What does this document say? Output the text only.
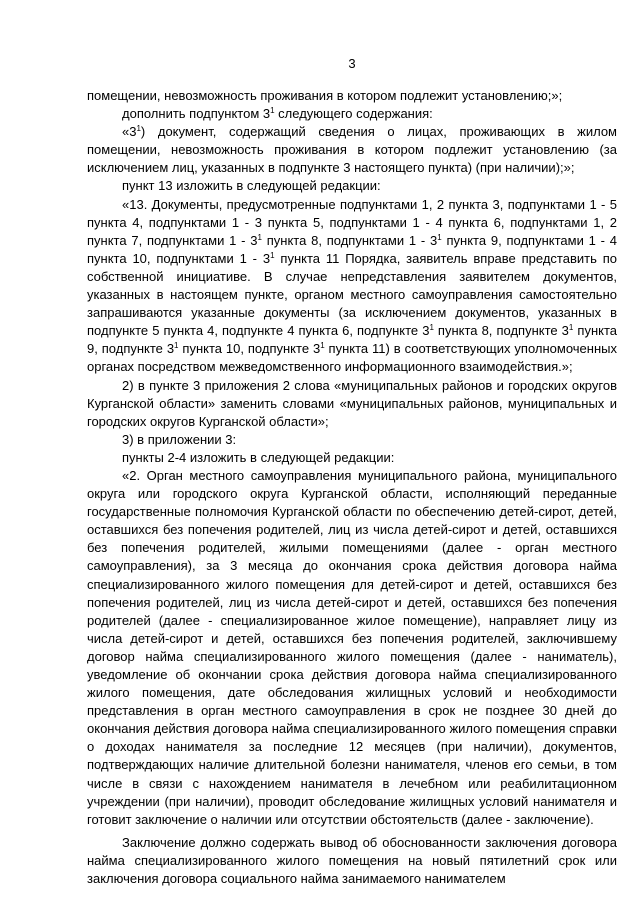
3

помещении, невозможность проживания в котором подлежит установлению;»;

дополнить подпунктом $3^1$ следующего содержания:

«$3^1$) документ, содержащий сведения о лицах, проживающих в жилом помещении, невозможность проживания в котором подлежит установлению (за исключением лиц, указанных в подпункте 3 настоящего пункта) (при наличии);»;

пункт 13 изложить в следующей редакции:

«13. Документы, предусмотренные подпунктами 1, 2 пункта 3, подпунктами 1 - 5 пункта 4, подпунктами 1 - 3 пункта 5, подпунктами 1 - 4 пункта 6, подпунктами 1, 2 пункта 7, подпунктами $1 - 3^1$ пункта 8, подпунктами $1 - 3^1$ пункта 9, подпунктами 1 - 4 пункта 10, подпунктами $1 - 3^1$ пункта 11 Порядка, заявитель вправе представить по собственной инициативе. В случае непредставления заявителем документов, указанных в настоящем пункте, органом местного самоуправления самостоятельно запрашиваются указанные документы (за исключением документов, указанных в подпункте 5 пункта 4, подпункте 4 пункта 6, подпункте $3^1$ пункта 8, подпункте $3^1$ пункта 9, подпункте $3^1$ пункта 10, подпункте $3^1$ пункта 11) в соответствующих уполномоченных органах посредством межведомственного информационного взаимодействия.»;

2) в пункте 3 приложения 2 слова «муниципальных районов и городских округов Курганской области» заменить словами «муниципальных районов, муниципальных и городских округов Курганской области»;

3) в приложении 3:

пункты 2-4 изложить в следующей редакции:

«2. Орган местного самоуправления муниципального района, муниципального округа или городского округа Курганской области, исполняющий переданные государственные полномочия Курганской области по обеспечению детей-сирот, детей, оставшихся без попечения родителей, лиц из числа детей-сирот и детей, оставшихся без попечения родителей, жилыми помещениями (далее - орган местного самоуправления), за 3 месяца до окончания срока действия договора найма специализированного жилого помещения для детей-сирот и детей, оставшихся без попечения родителей, лиц из числа детей-сирот и детей, оставшихся без попечения родителей (далее - специализированное жилое помещение), направляет лицу из числа детей-сирот и детей, оставшихся без попечения родителей, заключившему договор найма специализированного жилого помещения (далее - наниматель), уведомление об окончании срока действия договора найма специализированного жилого помещения, дате обследования жилищных условий и необходимости представления в орган местного самоуправления в срок не позднее 30 дней до окончания действия договора найма специализированного жилого помещения справки о доходах нанимателя за последние 12 месяцев (при наличии), документов, подтверждающих наличие длительной болезни нанимателя, членов его семьи, в том числе в связи с нахождением нанимателя в лечебном или реабилитационном учреждении (при наличии), проводит обследование жилищных условий нанимателя и готовит заключение о наличии или отсутствии обстоятельств (далее - заключение).

Заключение должно содержать вывод об обоснованности заключения договора найма специализированного жилого помещения на новый пятилетний срок или заключения договора социального найма занимаемого нанимателем
